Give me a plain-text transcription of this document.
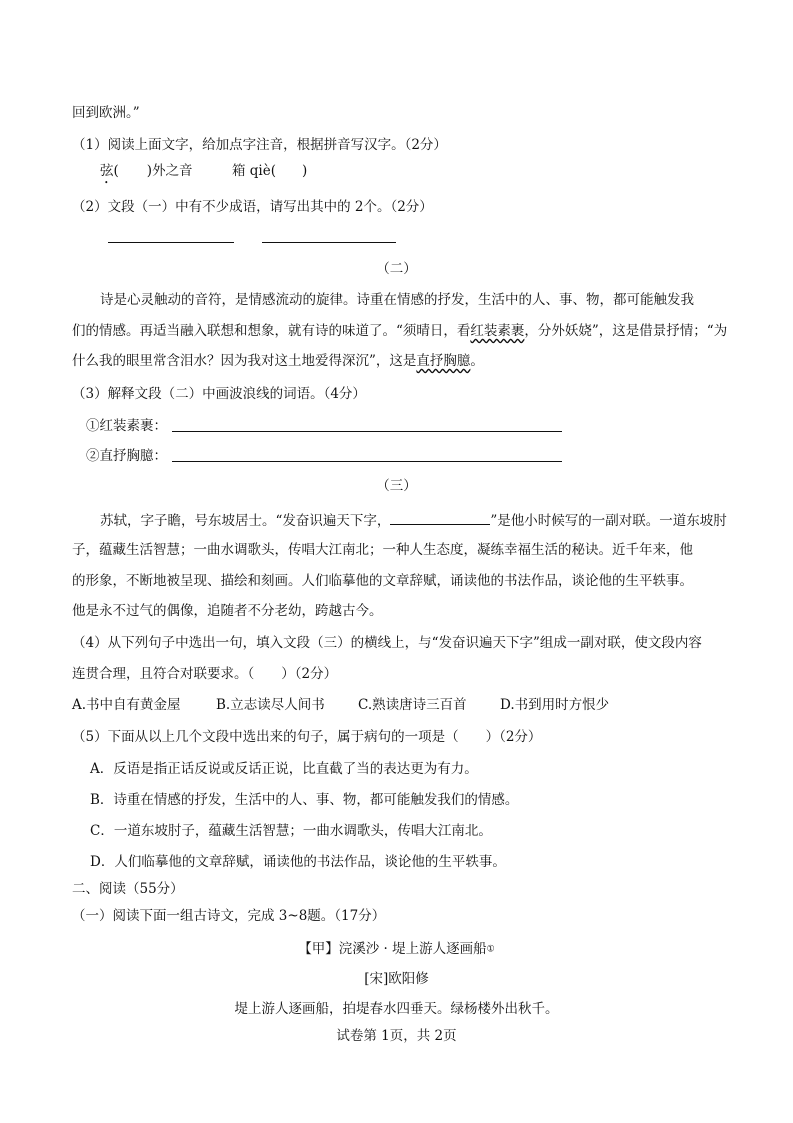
回到欧洲。”
（1）阅读上面文字，给加点字注音，根据拼音写汉字。（2分）
弦( )外之音	箱 qiè( )
（2）文段（一）中有不少成语，请写出其中的 2个。（2分）
（二）
诗是心灵触动的音符，是情感流动的旋律。诗重在情感的抒发，生活中的人、事、物，都可能触发我
们的情感。再适当融入联想和想象，就有诗的味道了。“须晴日，看红装素裹，分外妖娆”，这是借景抒情；“为
什么我的眼里常含泪水？因为我对这土地爱得深沉”，这是直抒胸臆。
（3）解释文段（二）中画波浪线的词语。（4分）
①红装素裹：
②直抒胸臆：
（三）
苏轼，字子瞻，号东坡居士。“发奋识遍天下字，	”是他小时候写的一副对联。一道东坡肘
子，蕴藏生活智慧；一曲水调歌头，传唱大江南北；一种人生态度，凝练幸福生活的秘诀。近千年来，他
的形象，不断地被呈现、描绘和刻画。人们临摹他的文章辞赋，诵读他的书法作品，谈论他的生平轶事。
他是永不过气的偶像，追随者不分老幼，跨越古今。
（4）从下列句子中选出一句，填入文段（三）的横线上，与“发奋识遍天下字”组成一副对联，使文段内容
连贯合理，且符合对联要求。（　　）（2分）
A.书中自有黄金屋	B.立志读尽人间书 C.熟读唐诗三百首 D.书到用时方恨少
（5）下面从以上几个文段中选出来的句子，属于病句的一项是（　　）（2分）
A．反语是指正话反说或反话正说，比直截了当的表达更为有力。
B．诗重在情感的抒发，生活中的人、事、物，都可能触发我们的情感。
C．一道东坡肘子，蕴藏生活智慧；一曲水调歌头，传唱大江南北。
D．人们临摹他的文章辞赋，诵读他的书法作品，谈论他的生平轶事。
二、阅读（55分）
（一）阅读下面一组古诗文，完成 3~8题。（17分）
【甲】浣溪沙 · 堤上游人逐画船①
[宋]欧阳修
堤上游人逐画船，拍堤春水四垂天。绿杨楼外出秋千。
试卷第 1页，共 2页
